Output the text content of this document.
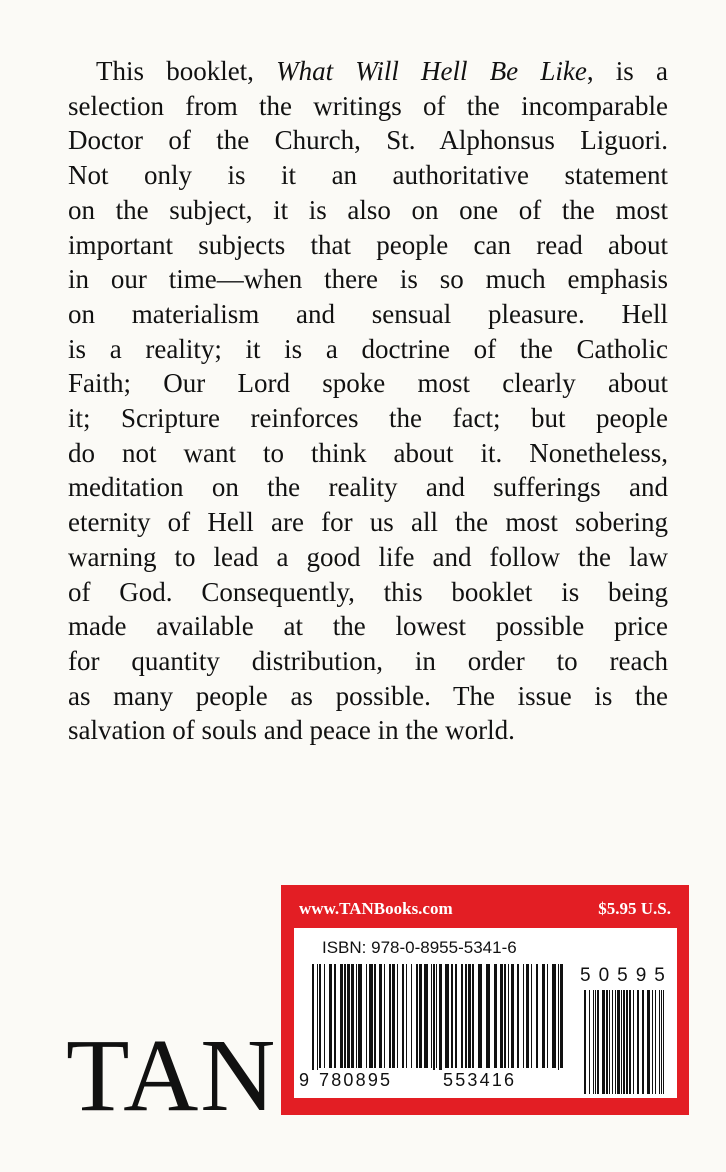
This booklet, What Will Hell Be Like, is a
selection from the writings of the incomparable
Doctor of the Church, St. Alphonsus Liguori.
Not only is it an authoritative statement
on the subject, it is also on one of the most
important subjects that people can read about
in our time—when there is so much emphasis
on materialism and sensual pleasure. Hell
is a reality; it is a doctrine of the Catholic
Faith; Our Lord spoke most clearly about
it; Scripture reinforces the fact; but people
do not want to think about it. Nonetheless,
meditation on the reality and sufferings and
eternity of Hell are for us all the most sobering
warning to lead a good life and follow the law
of God. Consequently, this booklet is being
made available at the lowest possible price
for quantity distribution, in order to reach
as many people as possible. The issue is the
salvation of souls and peace in the world.
TAN
www.TANBooks.com	$5.95 U.S.
ISBN: 978-0-8955-5341-6
50595
9 780895	553416
